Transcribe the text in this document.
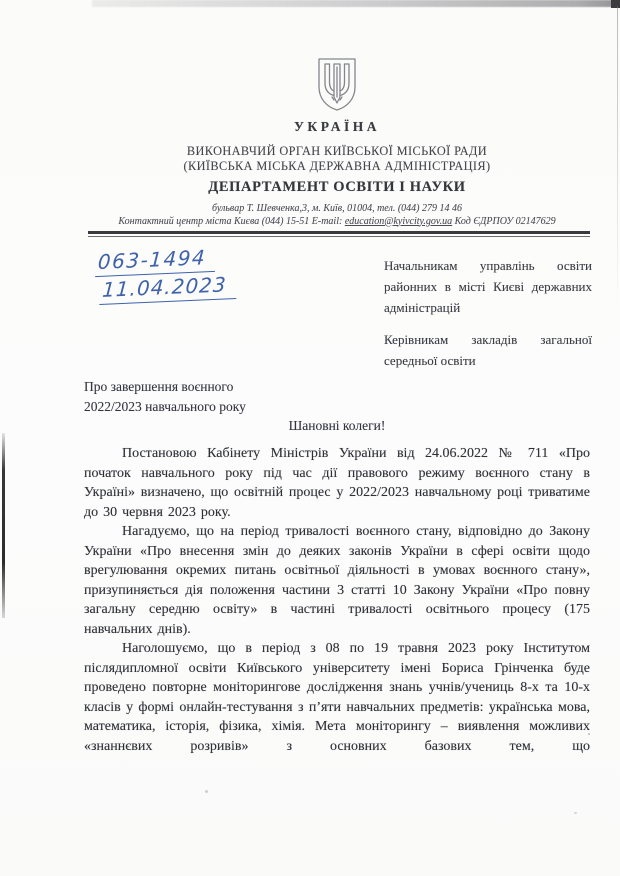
УКРАЇНА
ВИКОНАВЧИЙ ОРГАН КИЇВСЬКОЇ МІСЬКОЇ РАДИ
(КИЇВСЬКА МІСЬКА ДЕРЖАВНА АДМІНІСТРАЦІЯ)
ДЕПАРТАМЕНТ ОСВІТИ І НАУКИ
бульвар Т. Шевченка,3, м. Київ, 01004, тел. (044) 279 14 46
Контактний центр міста Києва (044) 15-51 E-mail: education@kyivcity.gov.ua Код ЄДРПОУ 02147629
063-1494
11.04.2023

Начальникам управлінь освіти районних в місті Києві державних адміністрацій

Керівникам закладів загальної середньої освіти

Про завершення воєнного
2022/2023 навчального року
Шановні колеги!

Постановою Кабінету Міністрів України від 24.06.2022 № 711 «Про початок навчального року під час дії правового режиму воєнного стану в Україні» визначено, що освітній процес у 2022/2023 навчальному році триватиме до 30 червня 2023 року.

Нагадуємо, що на період тривалості воєнного стану, відповідно до Закону України «Про внесення змін до деяких законів України в сфері освіти щодо врегулювання окремих питань освітньої діяльності в умовах воєнного стану», призупиняється дія положення частини 3 статті 10 Закону України «Про повну загальну середню освіту» в частині тривалості освітнього процесу (175 навчальних днів).

Наголошуємо, що в період з 08 по 19 травня 2023 року Інститутом післядипломної освіти Київського університету імені Бориса Грінченка буде проведено повторне моніторингове дослідження знань учнів/учениць 8-х та 10-х класів у формі онлайн-тестування з п’яти навчальних предметів: українська мова, математика, історія, фізика, хімія. Мета моніторингу – виявлення можливих «знаннєвих розривів» з основних базових тем, що
